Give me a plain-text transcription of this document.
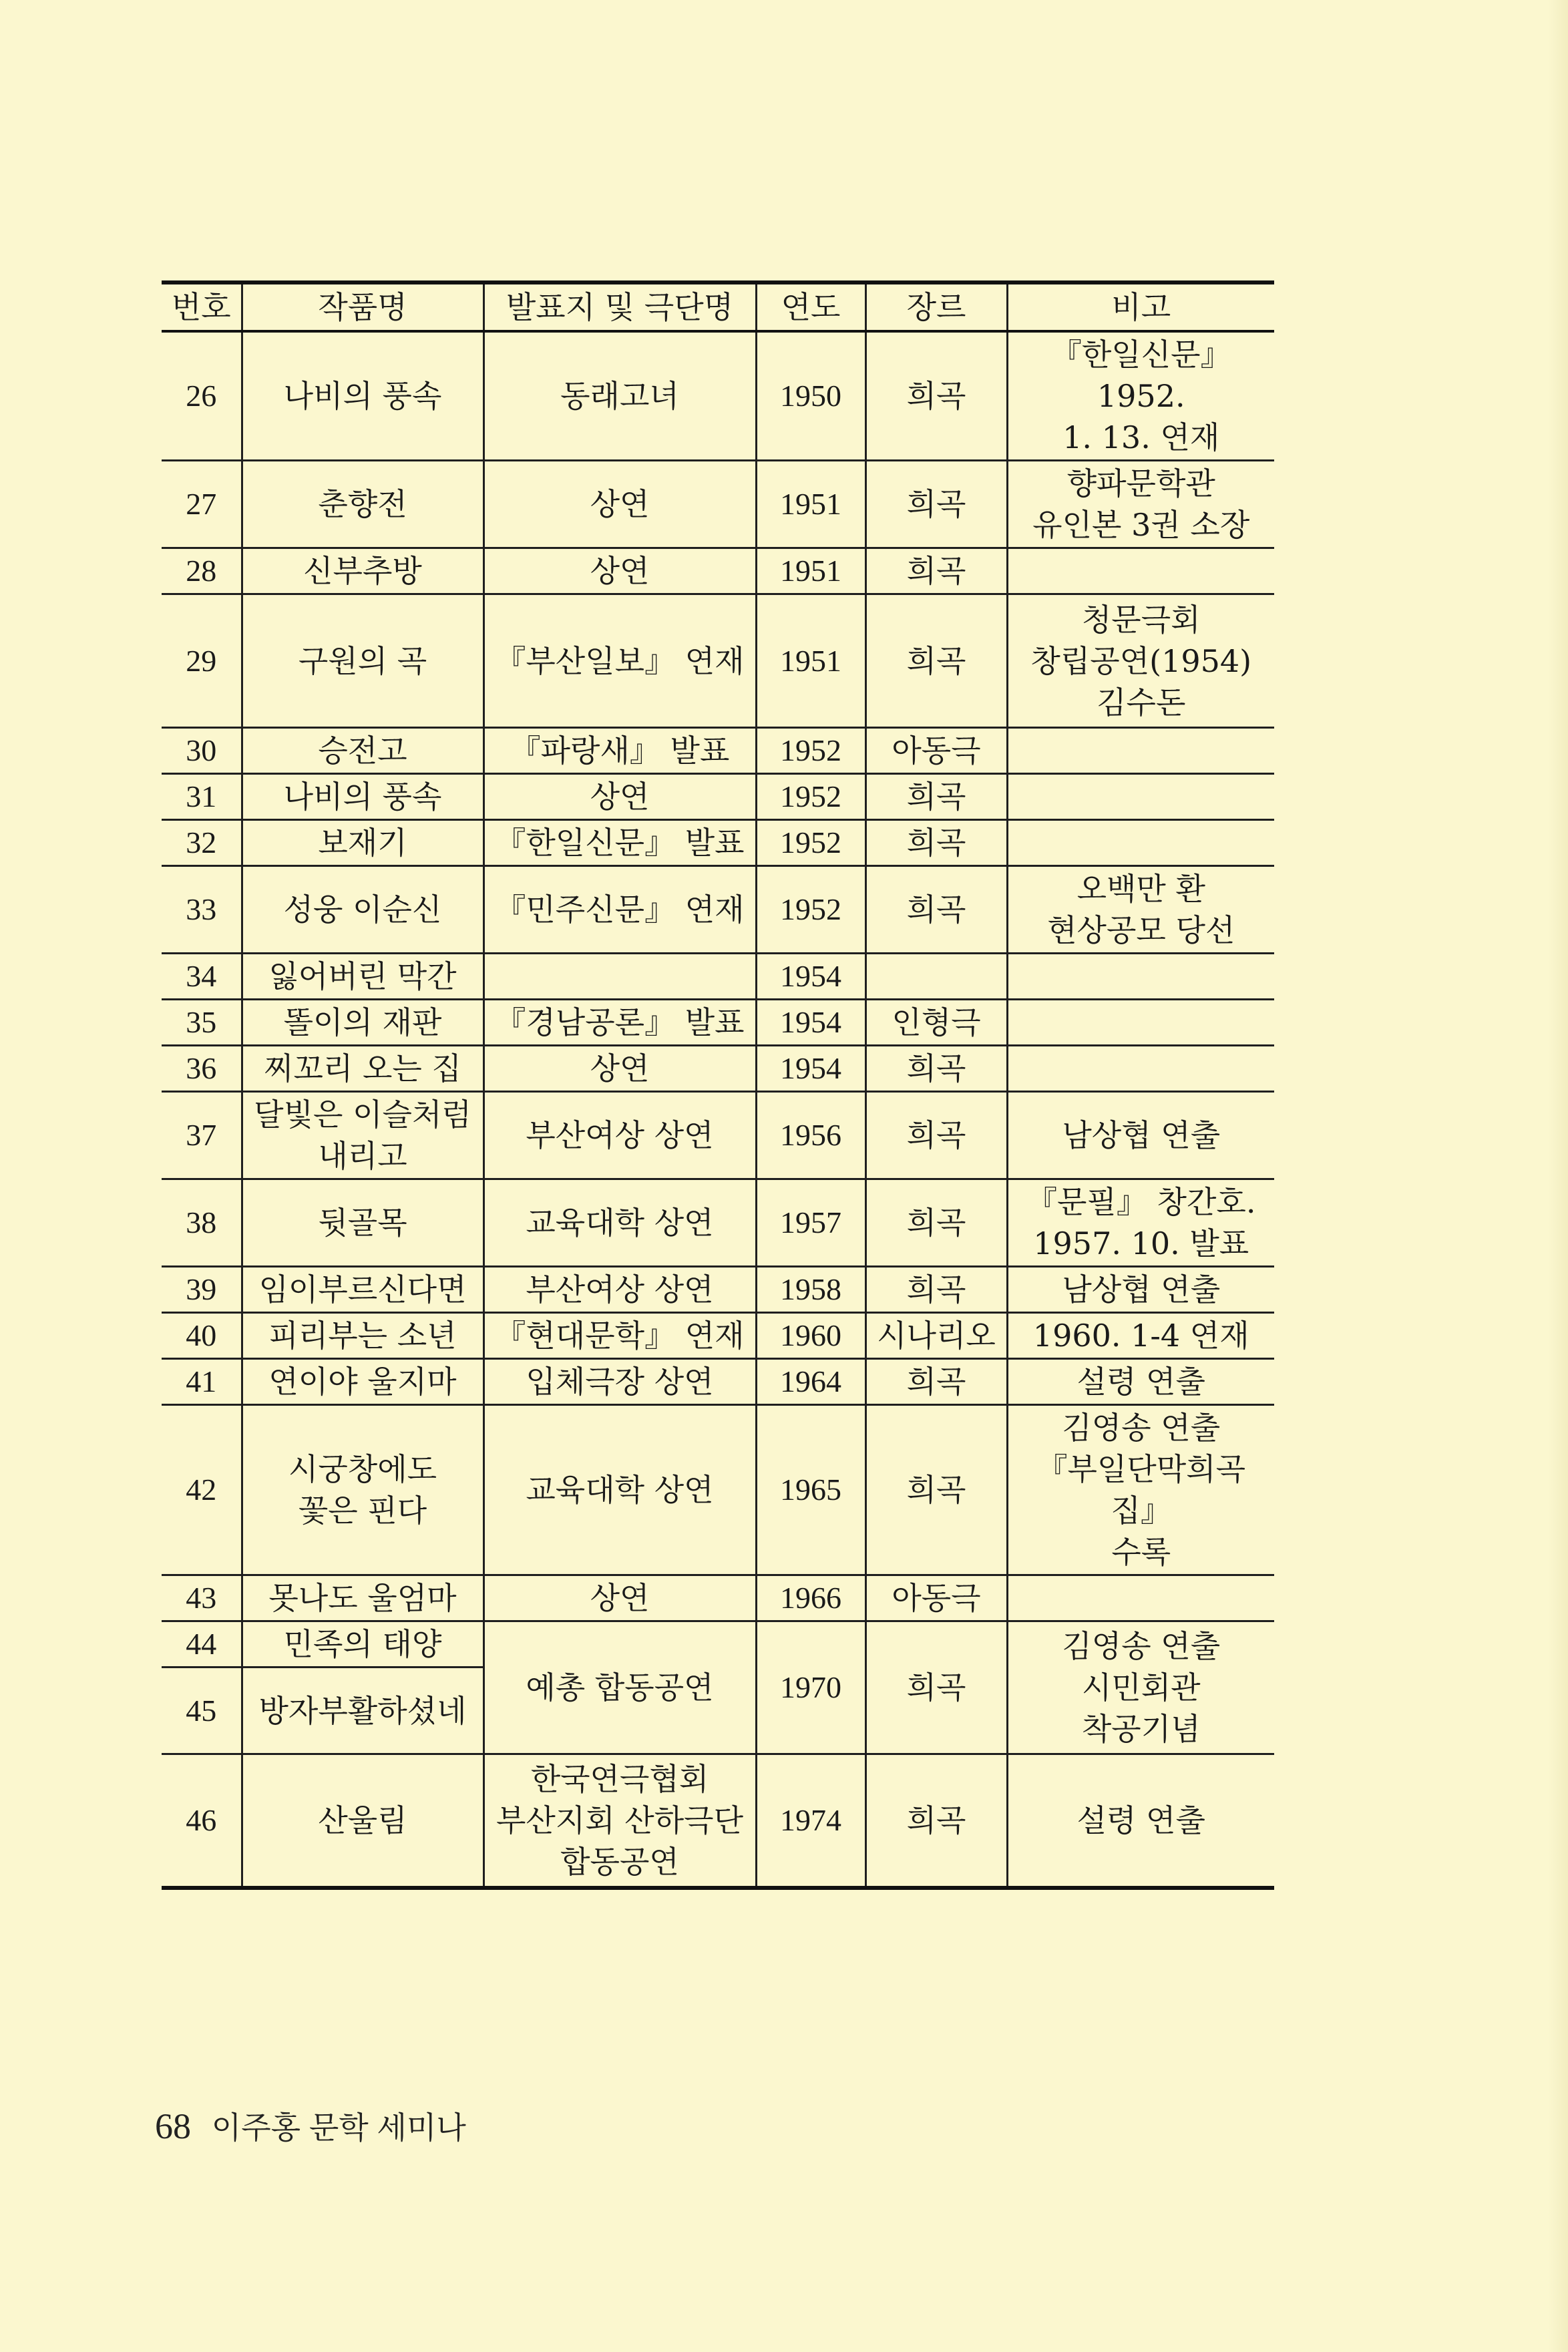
번호	작품명	발표지 및 극단명	연도	장르	비고
26	나비의 풍속	동래고녀	1950	희곡	『한일신문』1952.
1. 13. 연재
27	춘향전	상연	1951	희곡	향파문학관
유인본 3권 소장
28	신부추방	상연	1951	희곡	
29	구원의 곡	『부산일보』 연재	1951	희곡	청문극회
창립공연(1954)
김수돈
30	승전고	『파랑새』 발표	1952	아동극	
31	나비의 풍속	상연	1952	희곡	
32	보재기	『한일신문』 발표	1952	희곡	
33	성웅 이순신	『민주신문』 연재	1952	희곡	오백만 환
현상공모 당선
34	잃어버린 막간		1954		
35	똘이의 재판	『경남공론』 발표	1954	인형극	
36	찌꼬리 오는 집	상연	1954	희곡	
37	달빛은 이슬처럼
내리고	부산여상 상연	1956	희곡	남상협 연출
38	뒷골목	교육대학 상연	1957	희곡	『문필』 창간호.
1957. 10. 발표
39	임이부르신다면	부산여상 상연	1958	희곡	남상협 연출
40	피리부는 소년	『현대문학』 연재	1960	시나리오	1960. 1-4 연재
41	연이야 울지마	입체극장 상연	1964	희곡	설령 연출
42	시궁창에도
꽃은 핀다	교육대학 상연	1965	희곡	김영송 연출
『부일단막희곡집』
수록
43	못나도 울엄마	상연	1966	아동극	
44	민족의 태양	예총 합동공연	1970	희곡	김영송 연출
시민회관
착공기념
45	방자부활하셨네				
46	산울림	한국연극협회
부산지회 산하극단
합동공연	1974	희곡	설령 연출
68 이주홍 문학 세미나
